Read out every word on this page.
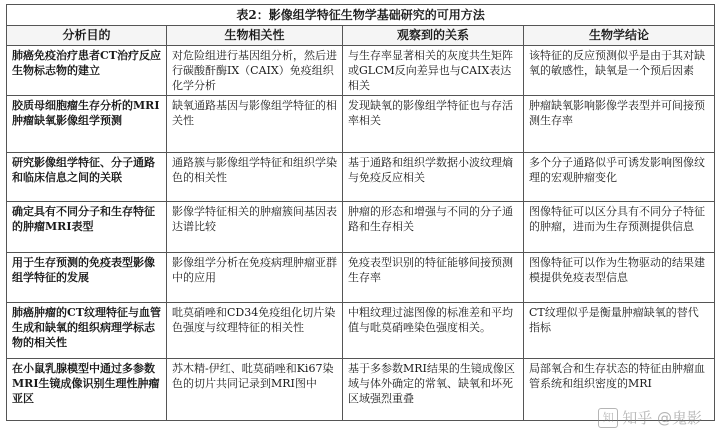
表2：影像组学特征生物学基础研究的可用方法			
分析目的	生物相关性	观察到的关系	生物学结论
肺癌免疫治疗患者CT治疗反应生物标志物的建立	对危险组进行基因组分析，然后进行碳酸酐酶IX（CAIX）免疫组织化学分析	与生存率显著相关的灰度共生矩阵或GLCM反向差异也与CAIX表达相关	该特征的反应预测似乎是由于其对缺氧的敏感性，缺氧是一个预后因素
胶质母细胞瘤生存分析的MRI肿瘤缺氧影像组学预测	缺氧通路基因与影像组学特征的相关性	发现缺氧的影像组学特征也与存活率相关	肿瘤缺氧影响影像学表型并可间接预测生存率
研究影像组学特征、分子通路和临床信息之间的关联	通路簇与影像组学特征和组织学染色的相关性	基于通路和组织学数据小波纹理熵与免疫反应相关	多个分子通路似乎可诱发影响图像纹理的宏观肿瘤变化
确定具有不同分子和生存特征的肿瘤MRI表型	影像学特征相关的肿瘤簇间基因表达谱比较	肿瘤的形态和增强与不同的分子通路和生存相关	图像特征可以区分具有不同分子特征的肿瘤，进而为生存预测提供信息
用于生存预测的免疫表型影像组学特征的发展	影像组学分析在免疫病理肿瘤亚群中的应用	免疫表型识别的特征能够间接预测生存率	图像特征可以作为生物驱动的结果建模提供免疫表型信息
肺癌肿瘤的CT纹理特征与血管生成和缺氧的组织病理学标志物的相关性	吡莫硝唑和CD34免疫组化切片染色强度与纹理特征的相关性	中粗纹理过滤图像的标准差和平均值与吡莫硝唑染色强度相关。	CT纹理似乎是衡量肿瘤缺氧的替代指标
在小鼠乳腺模型中通过多参数MRI生镜成像识别生理性肿瘤亚区	苏木精-伊红、吡莫硝唑和Ki67染色的切片共同记录到MRI图中	基于多参数MRI结果的生镜成像区域与体外确定的常氧、缺氧和坏死区域强烈重叠	局部氧合和生存状态的特征由肿瘤血管系统和组织密度的MRI
知 知乎 @鬼影
